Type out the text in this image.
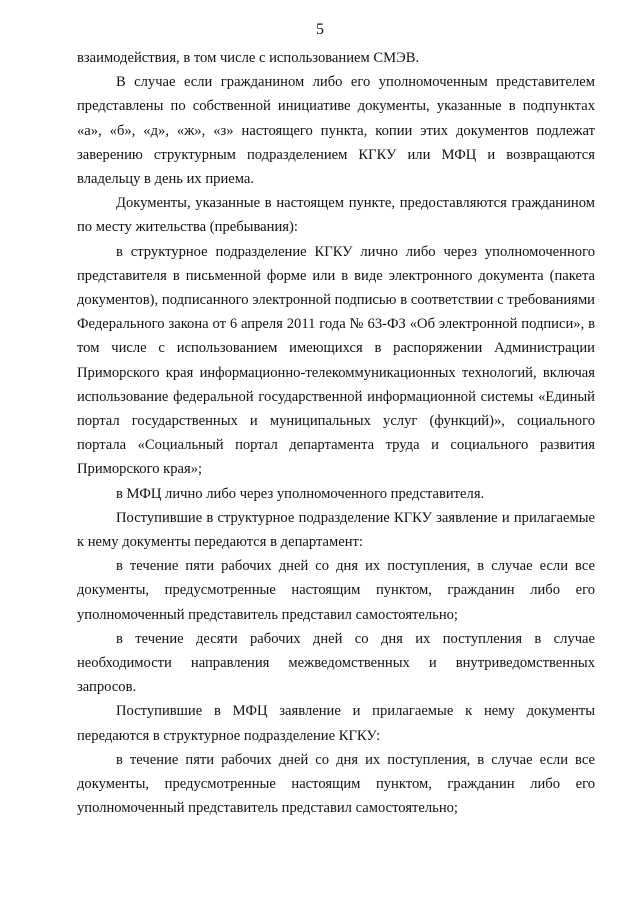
5

взаимодействия, в том числе с использованием СМЭВ.

В случае если гражданином либо его уполномоченным представителем представлены по собственной инициативе документы, указанные в подпунктах «а», «б», «д», «ж», «з» настоящего пункта, копии этих документов подлежат заверению структурным подразделением КГКУ или МФЦ и возвращаются владельцу в день их приема.

Документы, указанные в настоящем пункте, предоставляются гражданином по месту жительства (пребывания):

в структурное подразделение КГКУ лично либо через уполномоченного представителя в письменной форме или в виде электронного документа (пакета документов), подписанного электронной подписью в соответствии с требованиями Федерального закона от 6 апреля 2011 года № 63-ФЗ «Об электронной подписи», в том числе с использованием имеющихся в распоряжении Администрации Приморского края информационно-телекоммуникационных технологий, включая использование федеральной государственной информационной системы «Единый портал государственных и муниципальных услуг (функций)», социального портала «Социальный портал департамента труда и социального развития Приморского края»;

в МФЦ лично либо через уполномоченного представителя.

Поступившие в структурное подразделение КГКУ заявление и прилагаемые к нему документы передаются в департамент:

в течение пяти рабочих дней со дня их поступления, в случае если все документы, предусмотренные настоящим пунктом, гражданин либо его уполномоченный представитель представил самостоятельно;

в течение десяти рабочих дней со дня их поступления в случае необходимости направления межведомственных и внутриведомственных запросов.

Поступившие в МФЦ заявление и прилагаемые к нему документы передаются в структурное подразделение КГКУ:

в течение пяти рабочих дней со дня их поступления, в случае если все документы, предусмотренные настоящим пунктом, гражданин либо его уполномоченный представитель представил самостоятельно;
